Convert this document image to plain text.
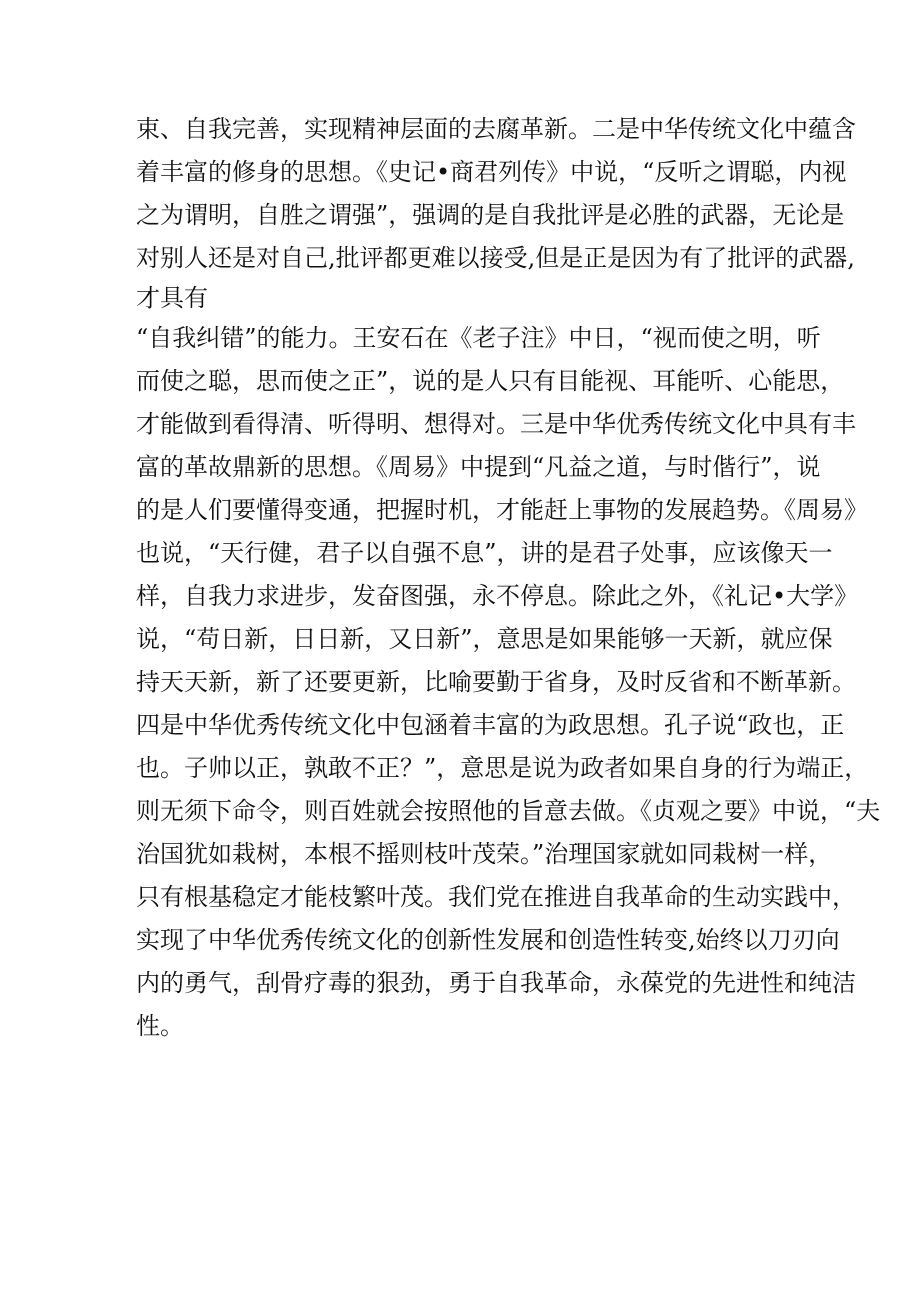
束、自我完善，实现精神层面的去腐革新。二是中华传统文化中蕴含
着丰富的修身的思想。《史记•商君列传》中说，“反听之谓聪，内视
之为谓明，自胜之谓强”，强调的是自我批评是必胜的武器，无论是
对别人还是对自己,批评都更难以接受,但是正是因为有了批评的武器,
才具有
“自我纠错”的能力。王安石在《老子注》中日，“视而使之明，听
而使之聪，思而使之正”，说的是人只有目能视、耳能听、心能思，
才能做到看得清、听得明、想得对。三是中华优秀传统文化中具有丰
富的革故鼎新的思想。《周易》中提到“凡益之道，与时偕行”，说
的是人们要懂得变通，把握时机，才能赶上事物的发展趋势。《周易》
也说，“天行健，君子以自强不息”，讲的是君子处事，应该像天一
样，自我力求进步，发奋图强，永不停息。除此之外，《礼记•大学》
说，“苟日新，日日新，又日新”，意思是如果能够一天新，就应保
持天天新，新了还要更新，比喻要勤于省身，及时反省和不断革新。
四是中华优秀传统文化中包涵着丰富的为政思想。孔子说“政也，正
也。子帅以正，孰敢不正？”，意思是说为政者如果自身的行为端正，
则无须下命令，则百姓就会按照他的旨意去做。《贞观之要》中说，“夫
治国犹如栽树，本根不摇则枝叶茂荣。”治理国家就如同栽树一样，
只有根基稳定才能枝繁叶茂。我们党在推进自我革命的生动实践中，
实现了中华优秀传统文化的创新性发展和创造性转变,始终以刀刃向
内的勇气，刮骨疗毒的狠劲，勇于自我革命，永葆党的先进性和纯洁
性。
